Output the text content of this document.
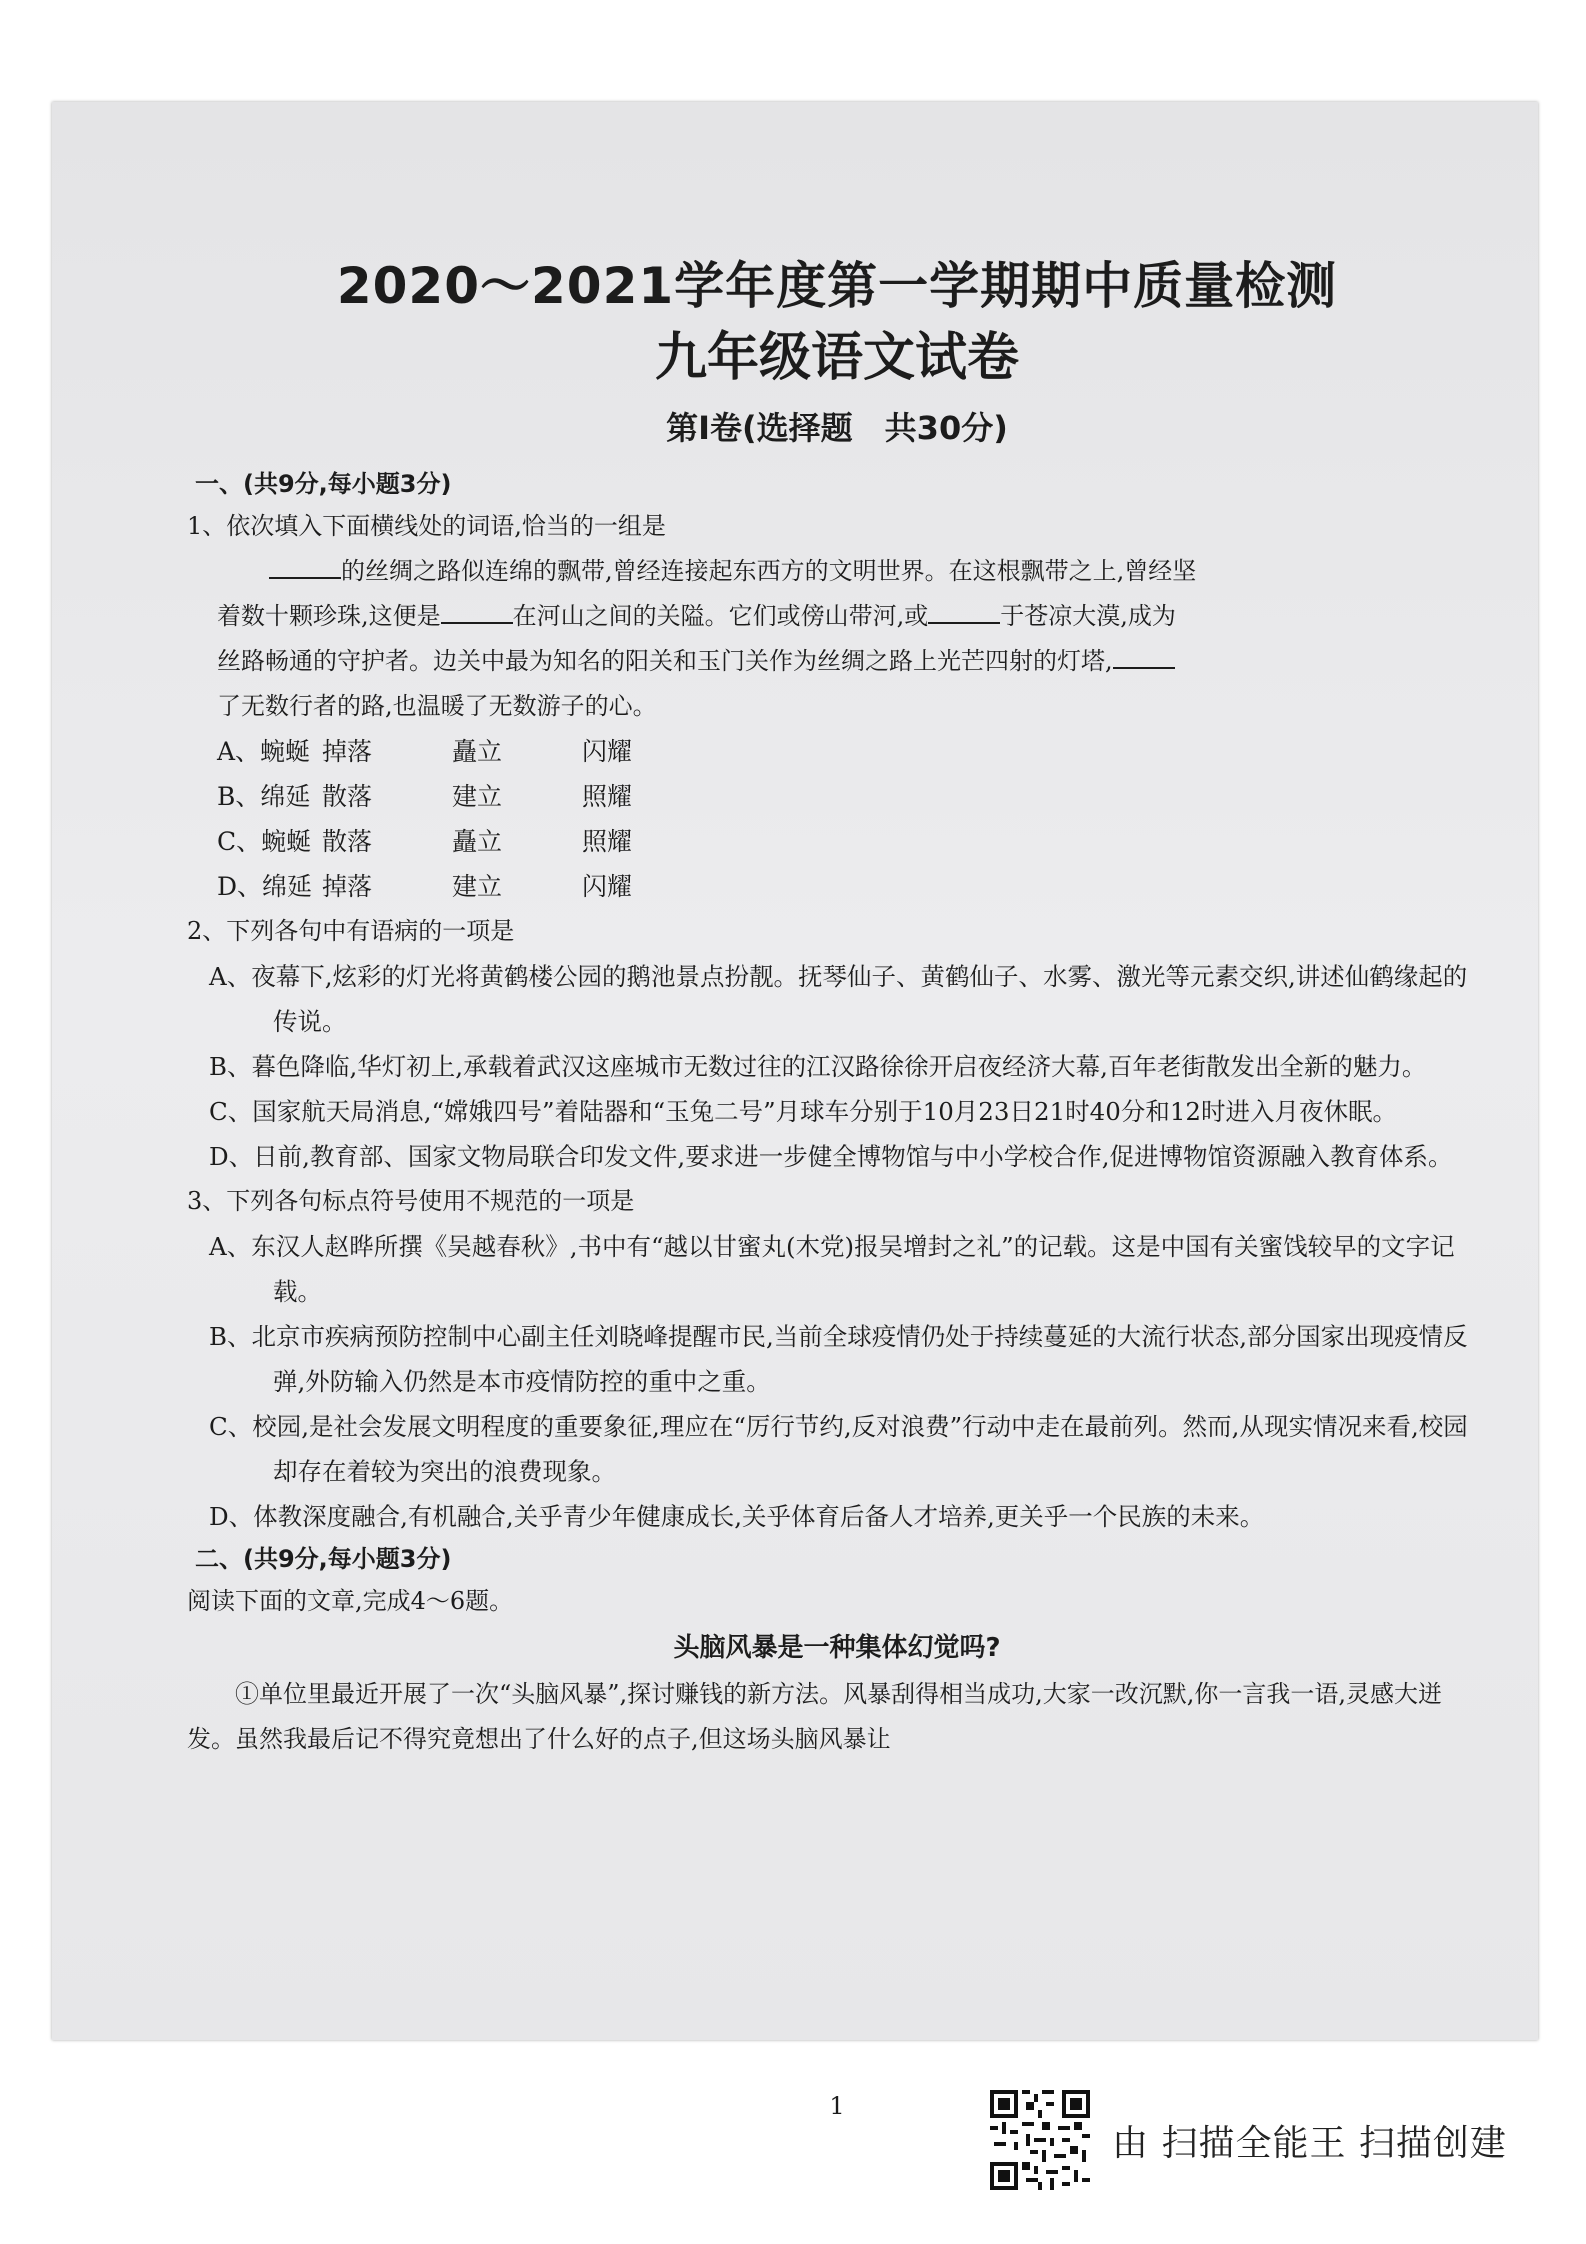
2020～2021学年度第一学期期中质量检测
九年级语文试卷
第Ⅰ卷(选择题　共30分)
一、(共9分,每小题3分)
1、依次填入下面横线处的词语,恰当的一组是
的丝绸之路似连绵的飘带,曾经连接起东西方的文明世界。在这根飘带之上,曾经坚
着数十颗珍珠,这便是	在河山之间的关隘。它们或傍山带河,或	于苍凉大漠,成为
丝路畅通的守护者。边关中最为知名的阳关和玉门关作为丝绸之路上光芒四射的灯塔,
了无数行者的路,也温暖了无数游子的心。
A、蜿蜒 掉落	矗立	闪耀
B、绵延 散落	建立	照耀
C、蜿蜒 散落	矗立	照耀
D、绵延 掉落	建立	闪耀
2、下列各句中有语病的一项是
A、夜幕下,炫彩的灯光将黄鹤楼公园的鹅池景点扮靓。抚琴仙子、黄鹤仙子、水雾、激光等元素交织,讲述仙鹤缘起的传说。
B、暮色降临,华灯初上,承载着武汉这座城市无数过往的江汉路徐徐开启夜经济大幕,百年老街散发出全新的魅力。
C、国家航天局消息,“嫦娥四号”着陆器和“玉兔二号”月球车分别于10月23日21时40分和12时进入月夜休眠。
D、日前,教育部、国家文物局联合印发文件,要求进一步健全博物馆与中小学校合作,促进博物馆资源融入教育体系。
3、下列各句标点符号使用不规范的一项是
A、东汉人赵晔所撰《吴越春秋》,书中有“越以甘蜜丸(木党)报吴增封之礼”的记载。这是中国有关蜜饯较早的文字记载。
B、北京市疾病预防控制中心副主任刘晓峰提醒市民,当前全球疫情仍处于持续蔓延的大流行状态,部分国家出现疫情反弹,外防输入仍然是本市疫情防控的重中之重。
C、校园,是社会发展文明程度的重要象征,理应在“厉行节约,反对浪费”行动中走在最前列。然而,从现实情况来看,校园却存在着较为突出的浪费现象。
D、体教深度融合,有机融合,关乎青少年健康成长,关乎体育后备人才培养,更关乎一个民族的未来。
二、(共9分,每小题3分)
阅读下面的文章,完成4～6题。
头脑风暴是一种集体幻觉吗?
①单位里最近开展了一次“头脑风暴”,探讨赚钱的新方法。风暴刮得相当成功,大家一改沉默,你一言我一语,灵感大迸发。虽然我最后记不得究竟想出了什么好的点子,但这场头脑风暴让
1
由 扫描全能王 扫描创建
